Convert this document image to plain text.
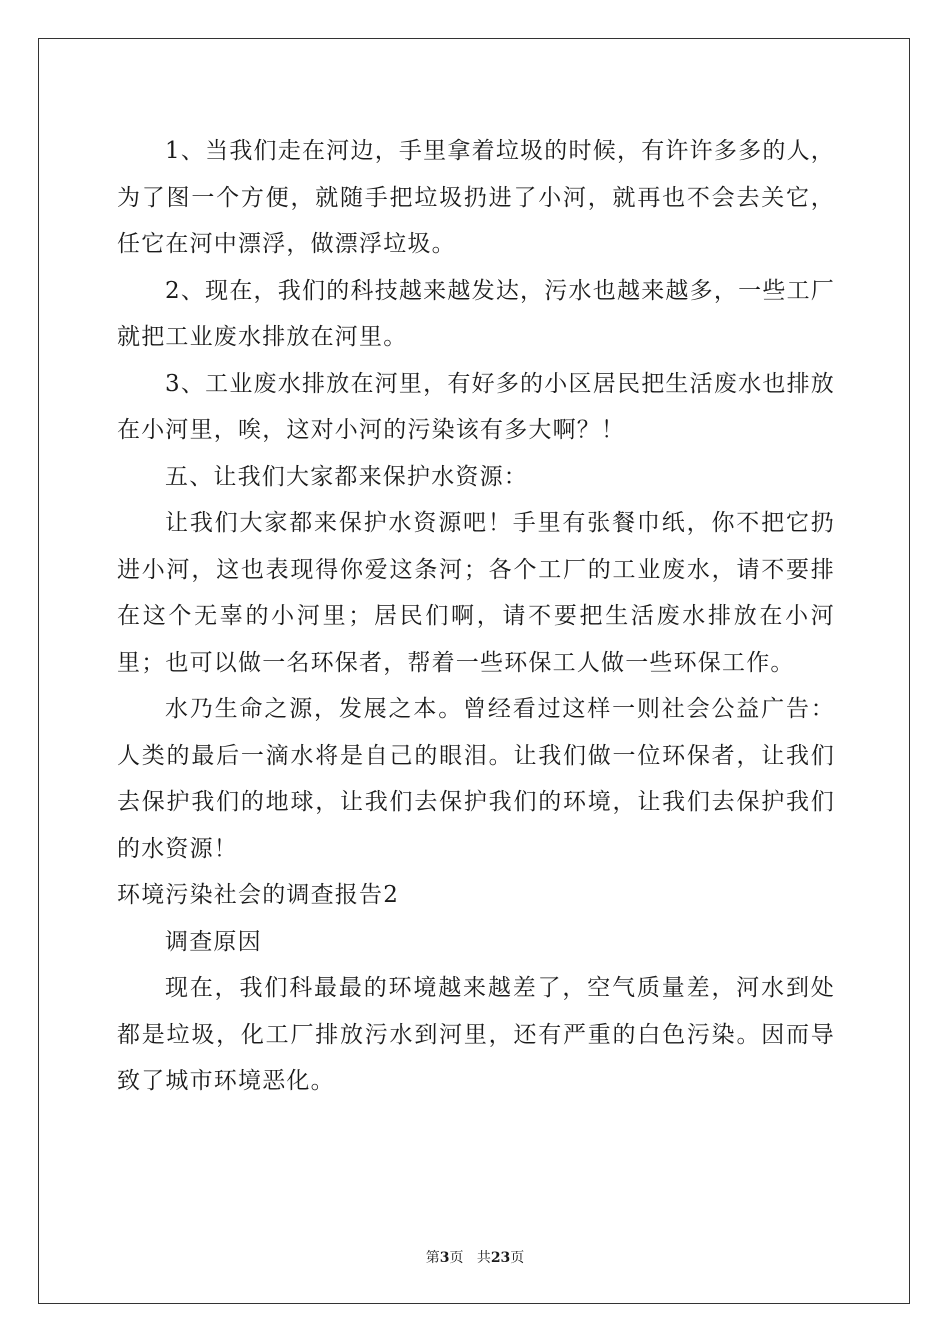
1、当我们走在河边，手里拿着垃圾的时候，有许许多多的人，为了图一个方便，就随手把垃圾扔进了小河，就再也不会去关它，任它在河中漂浮，做漂浮垃圾。

2、现在，我们的科技越来越发达，污水也越来越多，一些工厂就把工业废水排放在河里。

3、工业废水排放在河里，有好多的小区居民把生活废水也排放在小河里，唉，这对小河的污染该有多大啊？！

五、让我们大家都来保护水资源：

让我们大家都来保护水资源吧！手里有张餐巾纸，你不把它扔进小河，这也表现得你爱这条河；各个工厂的工业废水，请不要排在这个无辜的小河里；居民们啊，请不要把生活废水排放在小河里；也可以做一名环保者，帮着一些环保工人做一些环保工作。

水乃生命之源，发展之本。曾经看过这样一则社会公益广告：人类的最后一滴水将是自己的眼泪。让我们做一位环保者，让我们去保护我们的地球，让我们去保护我们的环境，让我们去保护我们的水资源！

环境污染社会的调查报告2

调查原因

现在，我们科最最的环境越来越差了，空气质量差，河水到处都是垃圾，化工厂排放污水到河里，还有严重的白色污染。因而导致了城市环境恶化。

第3页 共23页
